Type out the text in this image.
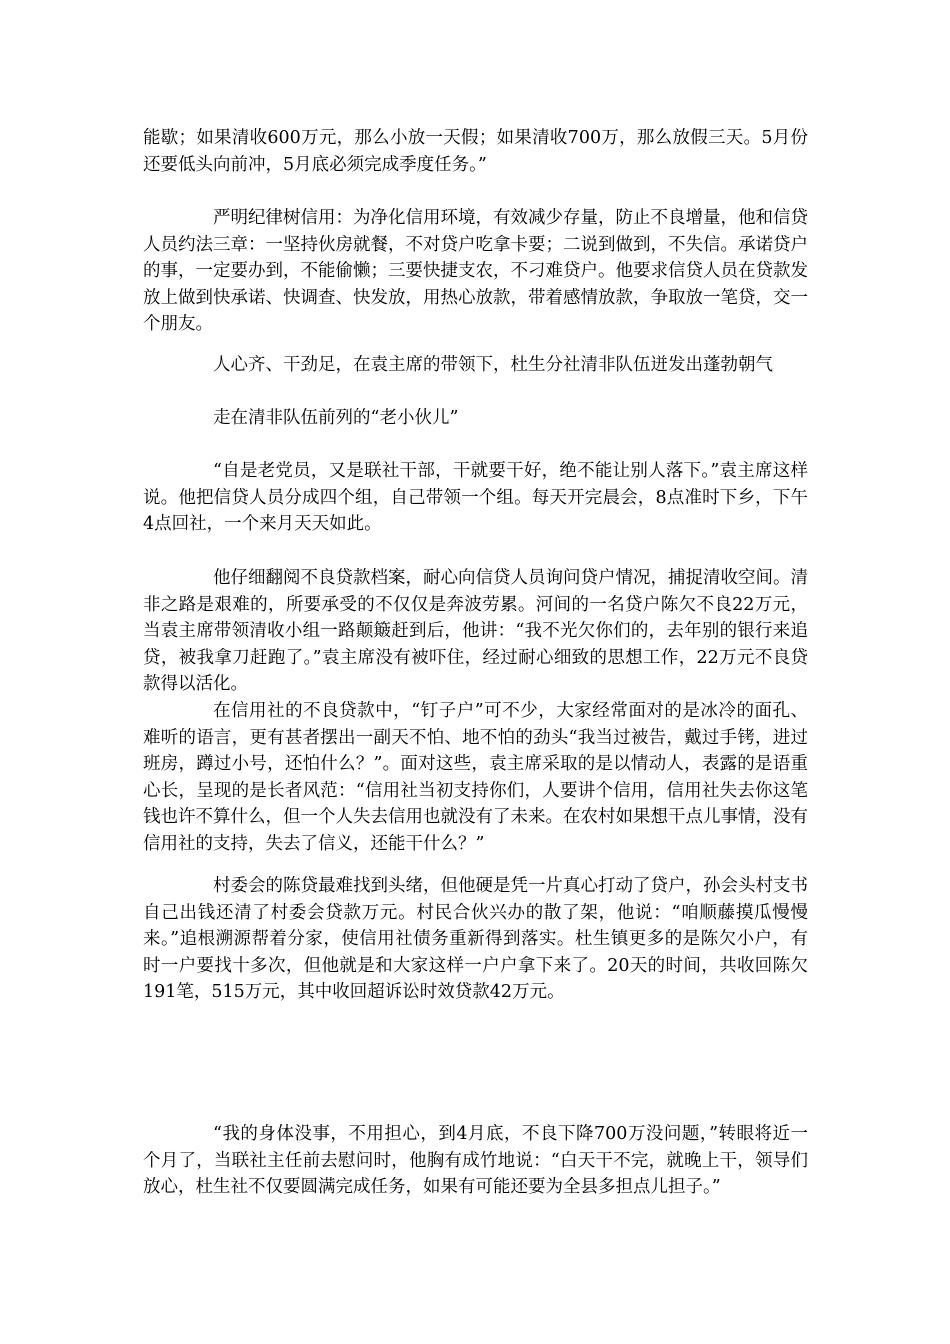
能歇；如果清收600万元，那么小放一天假；如果清收700万，那么放假三天。5月份还要低头向前冲，5月底必须完成季度任务。”

严明纪律树信用：为净化信用环境，有效减少存量，防止不良增量，他和信贷人员约法三章：一坚持伙房就餐，不对贷户吃拿卡要；二说到做到，不失信。承诺贷户的事，一定要办到，不能偷懒；三要快捷支农，不刁难贷户。他要求信贷人员在贷款发放上做到快承诺、快调查、快发放，用热心放款，带着感情放款，争取放一笔贷，交一个朋友。

人心齐、干劲足，在袁主席的带领下，杜生分社清非队伍迸发出蓬勃朝气

走在清非队伍前列的“老小伙儿”

“自是老党员，又是联社干部，干就要干好，绝不能让别人落下。”袁主席这样说。他把信贷人员分成四个组，自己带领一个组。每天开完晨会，8点准时下乡，下午4点回社，一个来月天天如此。

他仔细翻阅不良贷款档案，耐心向信贷人员询问贷户情况，捕捉清收空间。清非之路是艰难的，所要承受的不仅仅是奔波劳累。河间的一名贷户陈欠不良22万元，当袁主席带领清收小组一路颠簸赶到后，他讲：“我不光欠你们的，去年别的银行来追贷，被我拿刀赶跑了。”袁主席没有被吓住，经过耐心细致的思想工作，22万元不良贷款得以活化。

在信用社的不良贷款中，“钉子户”可不少，大家经常面对的是冰冷的面孔、难听的语言，更有甚者摆出一副天不怕、地不怕的劲头“我当过被告，戴过手铐，进过班房，蹲过小号，还怕什么？”。面对这些，袁主席采取的是以情动人，表露的是语重心长，呈现的是长者风范：“信用社当初支持你们，人要讲个信用，信用社失去你这笔钱也许不算什么，但一个人失去信用也就没有了未来。在农村如果想干点儿事情，没有信用社的支持，失去了信义，还能干什么？”

村委会的陈贷最难找到头绪，但他硬是凭一片真心打动了贷户，孙会头村支书自己出钱还清了村委会贷款万元。村民合伙兴办的散了架，他说：“咱顺藤摸瓜慢慢来。”追根溯源帮着分家，使信用社债务重新得到落实。杜生镇更多的是陈欠小户，有时一户要找十多次，但他就是和大家这样一户户拿下来了。20天的时间，共收回陈欠191笔，515万元，其中收回超诉讼时效贷款42万元。

“我的身体没事，不用担心，到4月底，不良下降700万没问题，”转眼将近一个月了，当联社主任前去慰问时，他胸有成竹地说：“白天干不完，就晚上干，领导们放心，杜生社不仅要圆满完成任务，如果有可能还要为全县多担点儿担子。”
